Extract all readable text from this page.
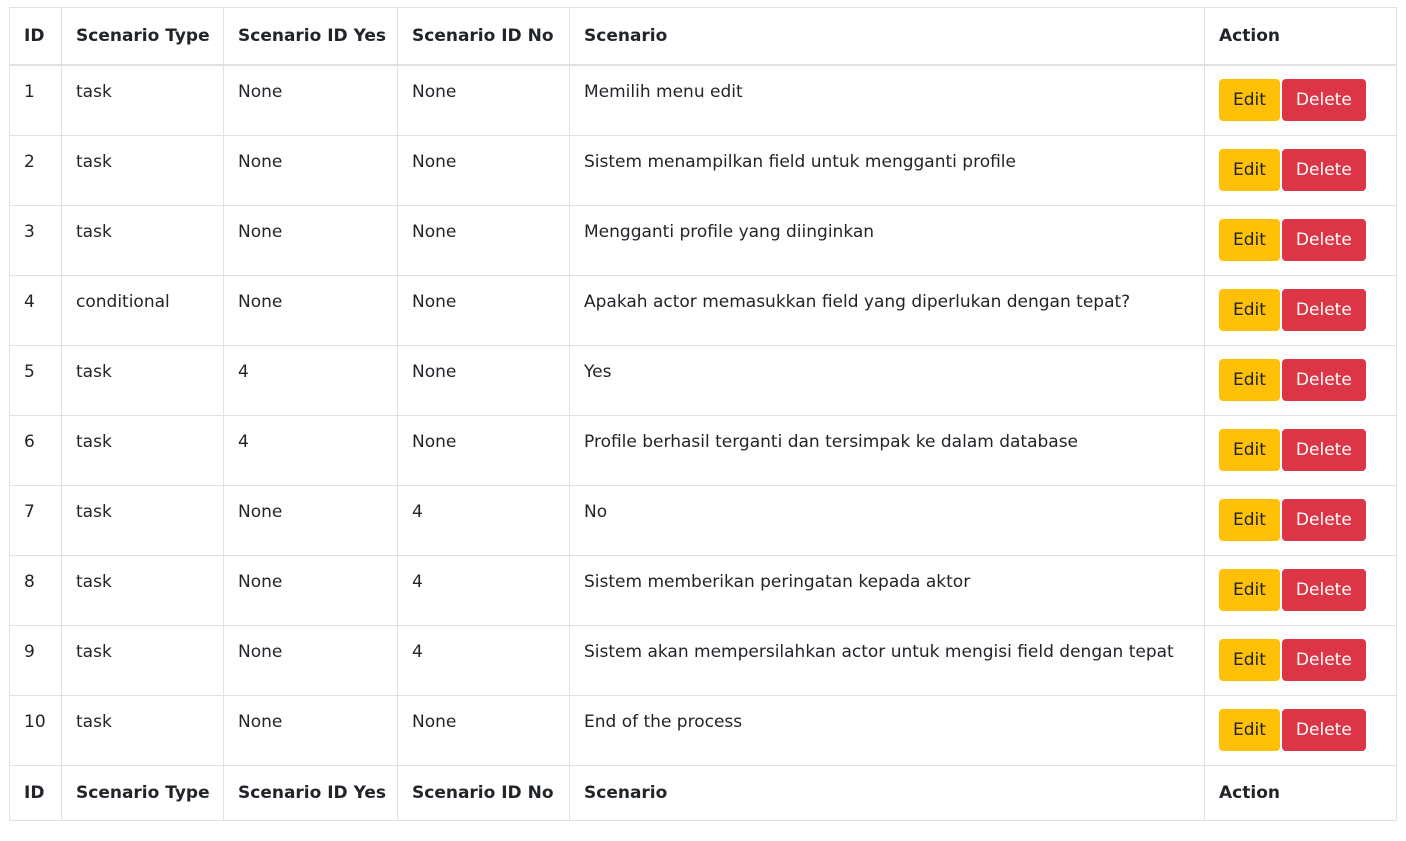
ID	Scenario Type	Scenario ID Yes	Scenario ID No	Scenario	Action
1	task	None	None	Memilih menu edit	Edit Delete
2	task	None	None	Sistem menampilkan field untuk mengganti profile	Edit Delete
3	task	None	None	Mengganti profile yang diinginkan	Edit Delete
4	conditional	None	None	Apakah actor memasukkan field yang diperlukan dengan tepat?	Edit Delete
5	task	4	None	Yes	Edit Delete
6	task	4	None	Profile berhasil terganti dan tersimpak ke dalam database	Edit Delete
7	task	None	4	No	Edit Delete
8	task	None	4	Sistem memberikan peringatan kepada aktor	Edit Delete
9	task	None	4	Sistem akan mempersilahkan actor untuk mengisi field dengan tepat	Edit Delete
10	task	None	None	End of the process	Edit Delete
ID	Scenario Type	Scenario ID Yes	Scenario ID No	Scenario	Action
